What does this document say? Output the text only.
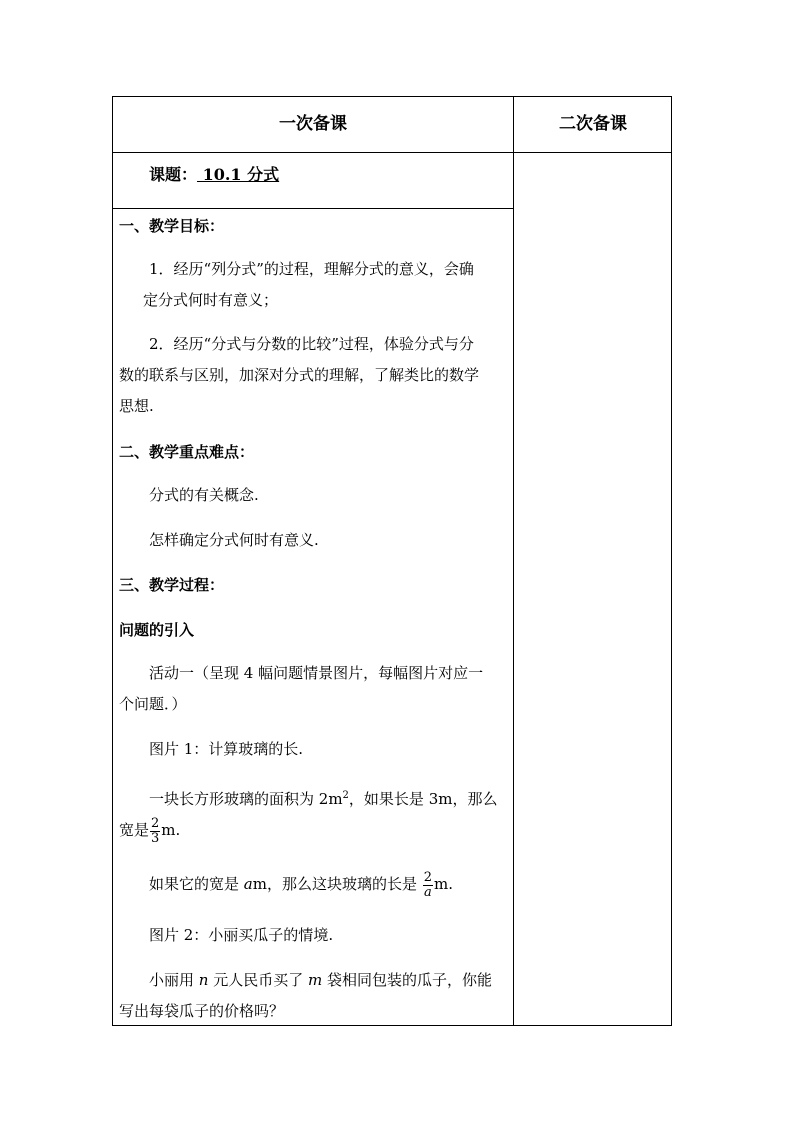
一次备课	二次备课
课题： 10.1 分式
一、教学目标：
1．经历“列分式”的过程，理解分式的意义，会确
定分式何时有意义；
2．经历“分式与分数的比较”过程，体验分式与分
数的联系与区别，加深对分式的理解，了解类比的数学
思想.
二、教学重点难点：
分式的有关概念.
怎样确定分式何时有意义.
三、教学过程：
问题的引入
活动一（呈现 4 幅问题情景图片，每幅图片对应一
个问题．）
图片 1：计算玻璃的长.
一块长方形玻璃的面积为 $2m^2$，如果长是 3m，那么
宽是 $\frac{2}{3} m$.
如果它的宽是 am，那么这块玻璃的长是 $\frac{2}{a} m$.
图片 2：小丽买瓜子的情境.
小丽用 n 元人民币买了 m 袋相同包装的瓜子，你能
写出每袋瓜子的价格吗？
